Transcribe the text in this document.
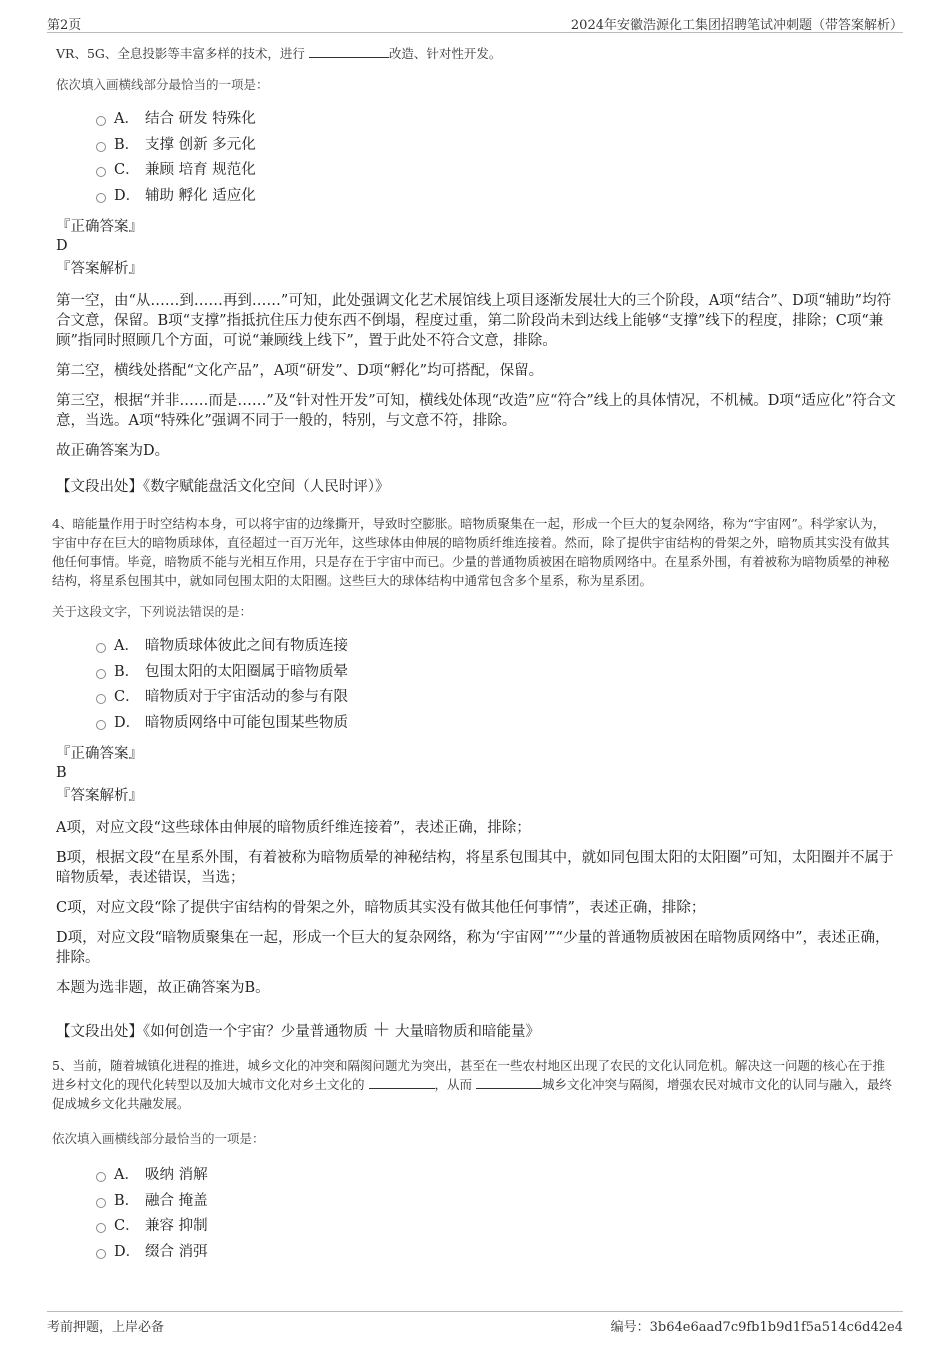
第2页	2024年安徽浩源化工集团招聘笔试冲刺题（带答案解析）
VR、5G、全息投影等丰富多样的技术，进行	改造、针对性开发。
依次填入画横线部分最恰当的一项是：
A． 结合 研发 特殊化
B． 支撑 创新 多元化
C． 兼顾 培育 规范化
D． 辅助 孵化 适应化
『正确答案』
D
『答案解析』
第一空，由“从……到……再到……”可知，此处强调文化艺术展馆线上项目逐渐发展壮大的三个阶段，A项“结合”、D项“辅助”均符合文意，保留。B项“支撑”指抵抗住压力使东西不倒塌，程度过重，第二阶段尚未到达线上能够“支撑”线下的程度，排除；C项“兼顾”指同时照顾几个方面，可说“兼顾线上线下”，置于此处不符合文意，排除。
第二空，横线处搭配“文化产品”，A项“研发”、D项“孵化”均可搭配，保留。
第三空，根据“并非……而是……”及“针对性开发”可知，横线处体现“改造”应“符合”线上的具体情况，不机械。D项“适应化”符合文意，当选。A项“特殊化”强调不同于一般的，特别，与文意不符，排除。
故正确答案为D。
【文段出处】《数字赋能盘活文化空间（人民时评）》
4、暗能量作用于时空结构本身，可以将宇宙的边缘撕开，导致时空膨胀。暗物质聚集在一起，形成一个巨大的复杂网络，称为“宇宙网”。科学家认为，宇宙中存在巨大的暗物质球体，直径超过一百万光年，这些球体由伸展的暗物质纤维连接着。然而，除了提供宇宙结构的骨架之外，暗物质其实没有做其他任何事情。毕竟，暗物质不能与光相互作用，只是存在于宇宙中而已。少量的普通物质被困在暗物质网络中。在星系外围，有着被称为暗物质晕的神秘结构，将星系包围其中，就如同包围太阳的太阳圈。这些巨大的球体结构中通常包含多个星系，称为星系团。
关于这段文字，下列说法错误的是：
A． 暗物质球体彼此之间有物质连接
B． 包围太阳的太阳圈属于暗物质晕
C． 暗物质对于宇宙活动的参与有限
D． 暗物质网络中可能包围某些物质
『正确答案』
B
『答案解析』
A项，对应文段“这些球体由伸展的暗物质纤维连接着”，表述正确，排除；
B项，根据文段“在星系外围，有着被称为暗物质晕的神秘结构，将星系包围其中，就如同包围太阳的太阳圈”可知，太阳圈并不属于暗物质晕，表述错误，当选；
C项，对应文段“除了提供宇宙结构的骨架之外，暗物质其实没有做其他任何事情”，表述正确，排除；
D项，对应文段“暗物质聚集在一起，形成一个巨大的复杂网络，称为‘宇宙网’”“少量的普通物质被困在暗物质网络中”，表述正确，排除。
本题为选非题，故正确答案为B。
【文段出处】《如何创造一个宇宙？少量普通物质 ＋ 大量暗物质和暗能量》
5、当前，随着城镇化进程的推进，城乡文化的冲突和隔阂问题尤为突出，甚至在一些农村地区出现了农民的文化认同危机。解决这一问题的核心在于推进乡村文化的现代化转型以及加大城市文化对乡土文化的	，从而	城乡文化冲突与隔阂，增强农民对城市文化的认同与融入，最终促成城乡文化共融发展。
依次填入画横线部分最恰当的一项是：
A． 吸纳 消解
B． 融合 掩盖
C． 兼容 抑制
D． 缀合 消弭
考前押题，上岸必备	编号：3b64e6aad7c9fb1b9d1f5a514c6d42e4
